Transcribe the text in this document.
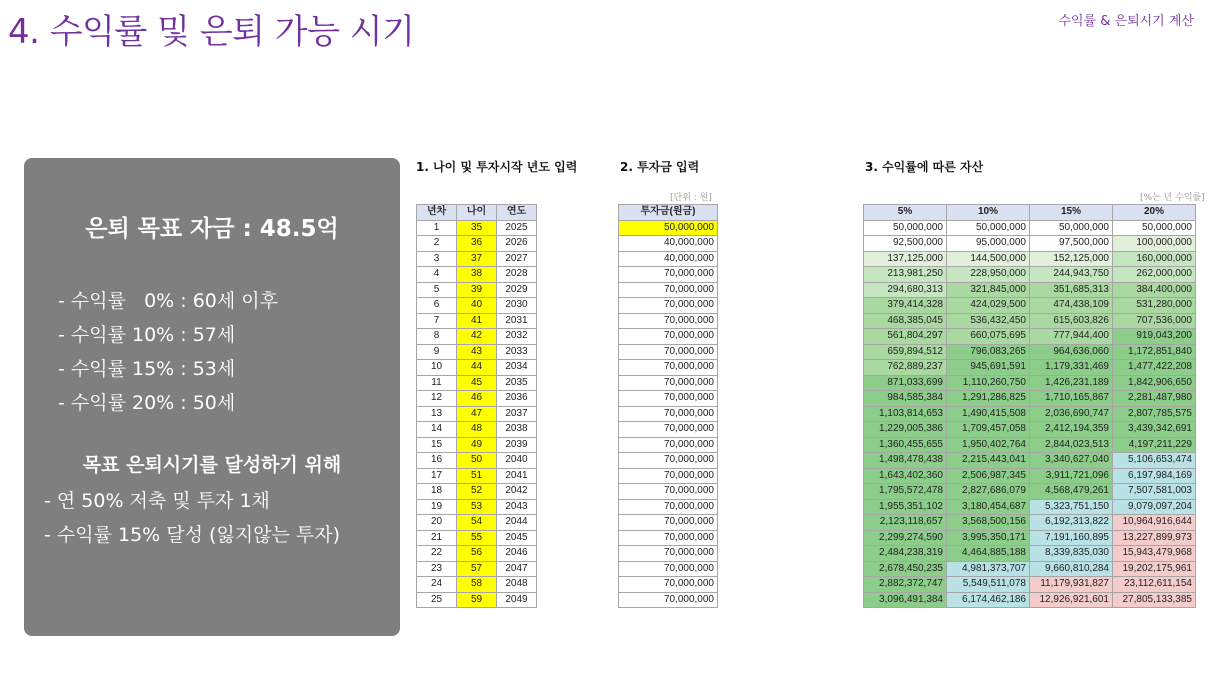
4. 수익률 및 은퇴 가능 시기	수익률 & 은퇴시기 계산
은퇴 목표 자금 : 48.5억
- 수익률   0% : 60세 이후
- 수익률 10% : 57세
- 수익률 15% : 53세
- 수익률 20% : 50세
목표 은퇴시기를 달성하기 위해
- 연 50% 저축 및 투자 1채
- 수익률 15% 달성 (잃지않는 투자)
1. 나이 및 투자시작 년도 입력	2. 투자금 입력	3. 수익률에 따른 자산
[단위 : 원]	[%는 년 수익률]
년차	나이	연도
1	35	2025
2	36	2026
3	37	2027
4	38	2028
5	39	2029
6	40	2030
7	41	2031
8	42	2032
9	43	2033
10	44	2034
11	45	2035
12	46	2036
13	47	2037
14	48	2038
15	49	2039
16	50	2040
17	51	2041
18	52	2042
19	53	2043
20	54	2044
21	55	2045
22	56	2046
23	57	2047
24	58	2048
25	59	2049
투자금(원금)
50,000,000
40,000,000
40,000,000
70,000,000
70,000,000
70,000,000
70,000,000
70,000,000
70,000,000
70,000,000
70,000,000
70,000,000
70,000,000
70,000,000
70,000,000
70,000,000
70,000,000
70,000,000
70,000,000
70,000,000
70,000,000
70,000,000
70,000,000
70,000,000
70,000,000
5%	10%	15%	20%
50,000,000	50,000,000	50,000,000	50,000,000
92,500,000	95,000,000	97,500,000	100,000,000
137,125,000	144,500,000	152,125,000	160,000,000
213,981,250	228,950,000	244,943,750	262,000,000
294,680,313	321,845,000	351,685,313	384,400,000
379,414,328	424,029,500	474,438,109	531,280,000
468,385,045	536,432,450	615,603,826	707,536,000
561,804,297	660,075,695	777,944,400	919,043,200
659,894,512	796,083,265	964,636,060	1,172,851,840
762,889,237	945,691,591	1,179,331,469	1,477,422,208
871,033,699	1,110,260,750	1,426,231,189	1,842,906,650
984,585,384	1,291,286,825	1,710,165,867	2,281,487,980
1,103,814,653	1,490,415,508	2,036,690,747	2,807,785,575
1,229,005,386	1,709,457,058	2,412,194,359	3,439,342,691
1,360,455,655	1,950,402,764	2,844,023,513	4,197,211,229
1,498,478,438	2,215,443,041	3,340,627,040	5,106,653,474
1,643,402,360	2,506,987,345	3,911,721,096	6,197,984,169
1,795,572,478	2,827,686,079	4,568,479,261	7,507,581,003
1,955,351,102	3,180,454,687	5,323,751,150	9,079,097,204
2,123,118,657	3,568,500,156	6,192,313,822	10,964,916,644
2,299,274,590	3,995,350,171	7,191,160,895	13,227,899,973
2,484,238,319	4,464,885,188	8,339,835,030	15,943,479,968
2,678,450,235	4,981,373,707	9,660,810,284	19,202,175,961
2,882,372,747	5,549,511,078	11,179,931,827	23,112,611,154
3,096,491,384	6,174,462,186	12,926,921,601	27,805,133,385
